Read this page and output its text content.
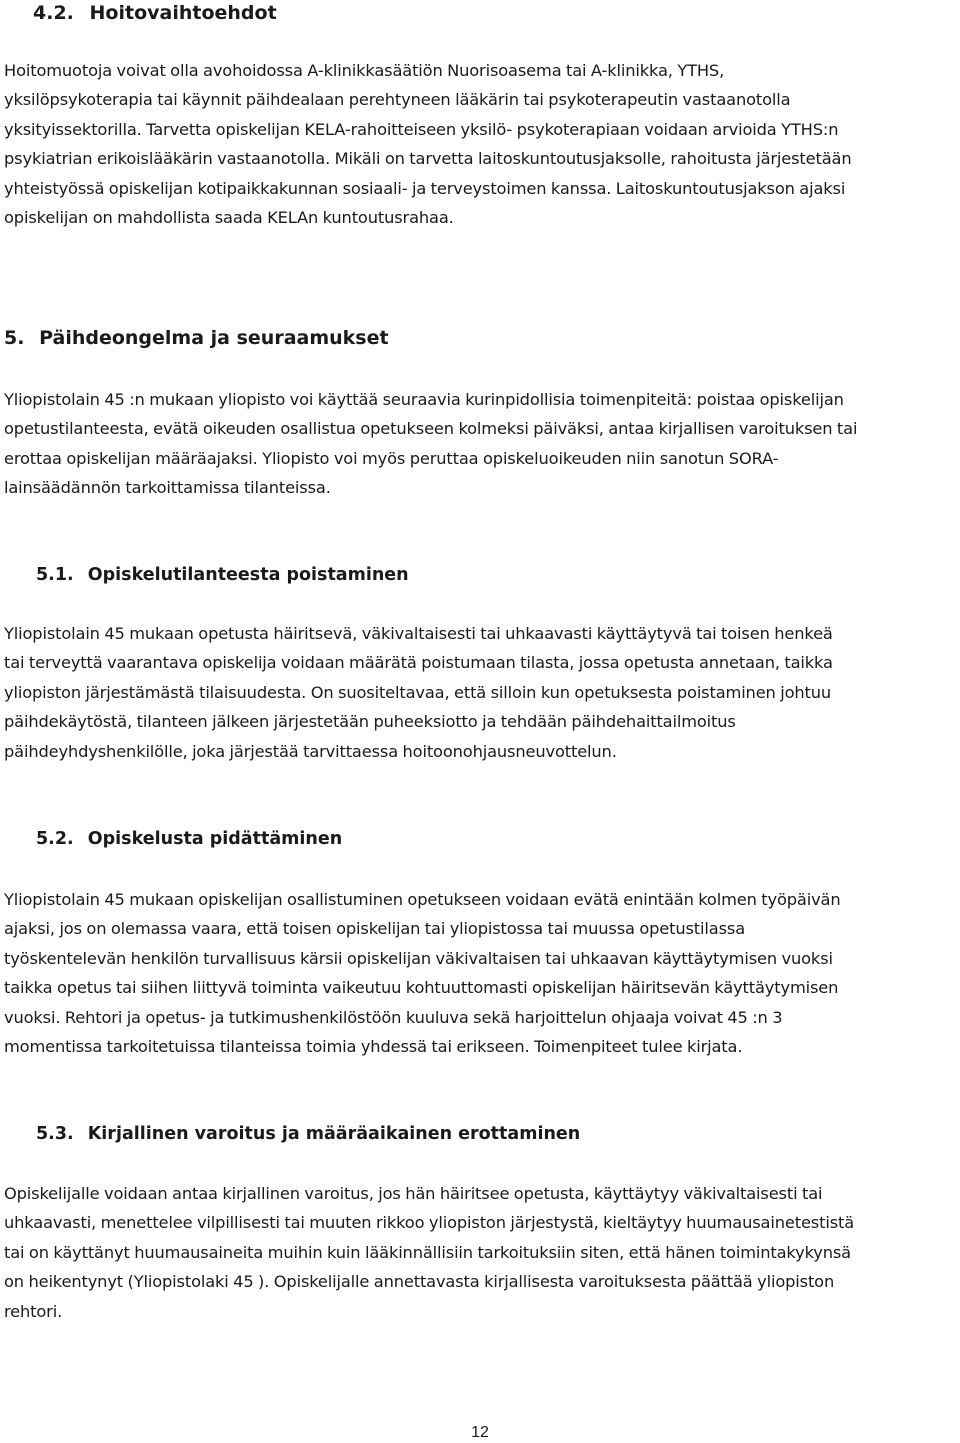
4.2. Hoitovaihtoehdot

Hoitomuotoja voivat olla avohoidossa A-klinikkasäätiön Nuorisoasema tai A-klinikka, YTHS,
yksilöpsykoterapia tai käynnit päihdealaan perehtyneen lääkärin tai psykoterapeutin vastaanotolla
yksityissektorilla. Tarvetta opiskelijan KELA-rahoitteiseen yksilö- psykoterapiaan voidaan arvioida YTHS:n
psykiatrian erikoislääkärin vastaanotolla. Mikäli on tarvetta laitoskuntoutusjaksolle, rahoitusta järjestetään
yhteistyössä opiskelijan kotipaikkakunnan sosiaali- ja terveystoimen kanssa. Laitoskuntoutusjakson ajaksi
opiskelijan on mahdollista saada KELAn kuntoutusrahaa.

5. Päihdeongelma ja seuraamukset

Yliopistolain 45 :n mukaan yliopisto voi käyttää seuraavia kurinpidollisia toimenpiteitä: poistaa opiskelijan
opetustilanteesta, evätä oikeuden osallistua opetukseen kolmeksi päiväksi, antaa kirjallisen varoituksen tai
erottaa opiskelijan määräajaksi. Yliopisto voi myös peruttaa opiskeluoikeuden niin sanotun SORA-
lainsäädännön tarkoittamissa tilanteissa.

5.1. Opiskelutilanteesta poistaminen

Yliopistolain 45 mukaan opetusta häiritsevä, väkivaltaisesti tai uhkaavasti käyttäytyvä tai toisen henkeä
tai terveyttä vaarantava opiskelija voidaan määrätä poistumaan tilasta, jossa opetusta annetaan, taikka
yliopiston järjestämästä tilaisuudesta. On suositeltavaa, että silloin kun opetuksesta poistaminen johtuu
päihdekäytöstä, tilanteen jälkeen järjestetään puheeksiotto ja tehdään päihdehaittailmoitus
päihdeyhdyshenkilölle, joka järjestää tarvittaessa hoitoonohjausneuvottelun.

5.2. Opiskelusta pidättäminen

Yliopistolain 45 mukaan opiskelijan osallistuminen opetukseen voidaan evätä enintään kolmen työpäivän
ajaksi, jos on olemassa vaara, että toisen opiskelijan tai yliopistossa tai muussa opetustilassa
työskentelevän henkilön turvallisuus kärsii opiskelijan väkivaltaisen tai uhkaavan käyttäytymisen vuoksi
taikka opetus tai siihen liittyvä toiminta vaikeutuu kohtuuttomasti opiskelijan häiritsevän käyttäytymisen
vuoksi. Rehtori ja opetus- ja tutkimushenkilöstöön kuuluva sekä harjoittelun ohjaaja voivat 45 :n 3
momentissa tarkoitetuissa tilanteissa toimia yhdessä tai erikseen. Toimenpiteet tulee kirjata.

5.3. Kirjallinen varoitus ja määräaikainen erottaminen

Opiskelijalle voidaan antaa kirjallinen varoitus, jos hän häiritsee opetusta, käyttäytyy väkivaltaisesti tai
uhkaavasti, menettelee vilpillisesti tai muuten rikkoo yliopiston järjestystä, kieltäytyy huumausainetestistä
tai on käyttänyt huumausaineita muihin kuin lääkinnällisiin tarkoituksiin siten, että hänen toimintakykynsä
on heikentynyt (Yliopistolaki 45 ). Opiskelijalle annettavasta kirjallisesta varoituksesta päättää yliopiston
rehtori.

12
